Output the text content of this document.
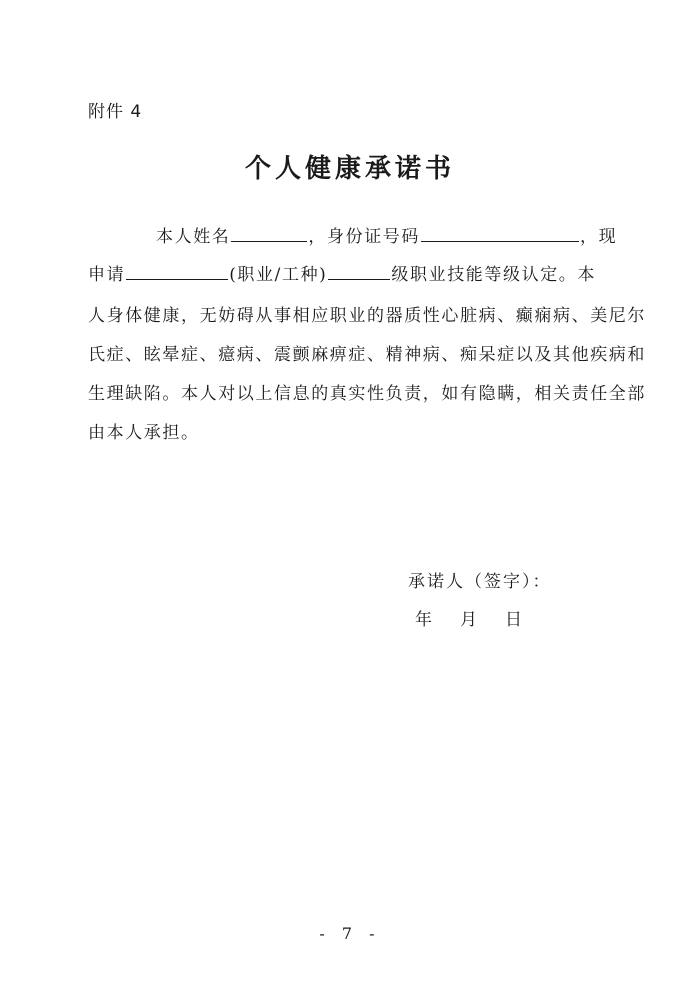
附件 4
个人健康承诺书
本人姓名	，身份证号码	，现
申请	(职业/工种)	级职业技能等级认定。本
人身体健康，无妨碍从事相应职业的器质性心脏病、癫痫病、美尼尔
氏症、眩晕症、癔病、震颤麻痹症、精神病、痴呆症以及其他疾病和
生理缺陷。本人对以上信息的真实性负责，如有隐瞒，相关责任全部
由本人承担。
承诺人（签字）：
年 月 日
- 7 -
